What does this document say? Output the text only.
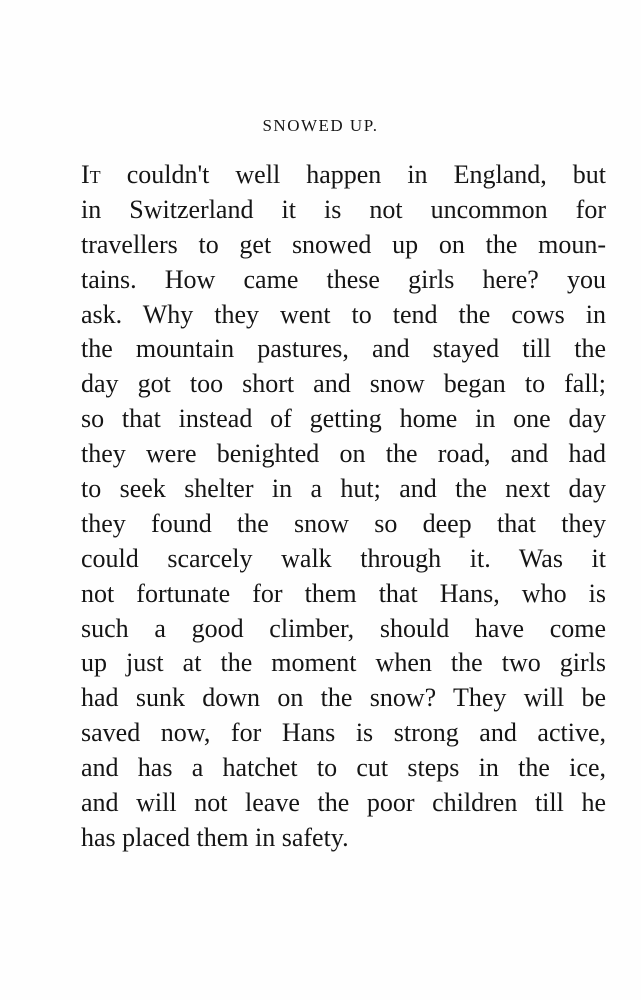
SNOWED UP.
It couldn't well happen in England, but
in Switzerland it is not uncommon for
travellers to get snowed up on the moun-
tains. How came these girls here? you
ask. Why they went to tend the cows in
the mountain pastures, and stayed till the
day got too short and snow began to fall;
so that instead of getting home in one day
they were benighted on the road, and had
to seek shelter in a hut; and the next day
they found the snow so deep that they
could scarcely walk through it. Was it
not fortunate for them that Hans, who is
such a good climber, should have come
up just at the moment when the two girls
had sunk down on the snow? They will be
saved now, for Hans is strong and active,
and has a hatchet to cut steps in the ice,
and will not leave the poor children till he
has placed them in safety.
